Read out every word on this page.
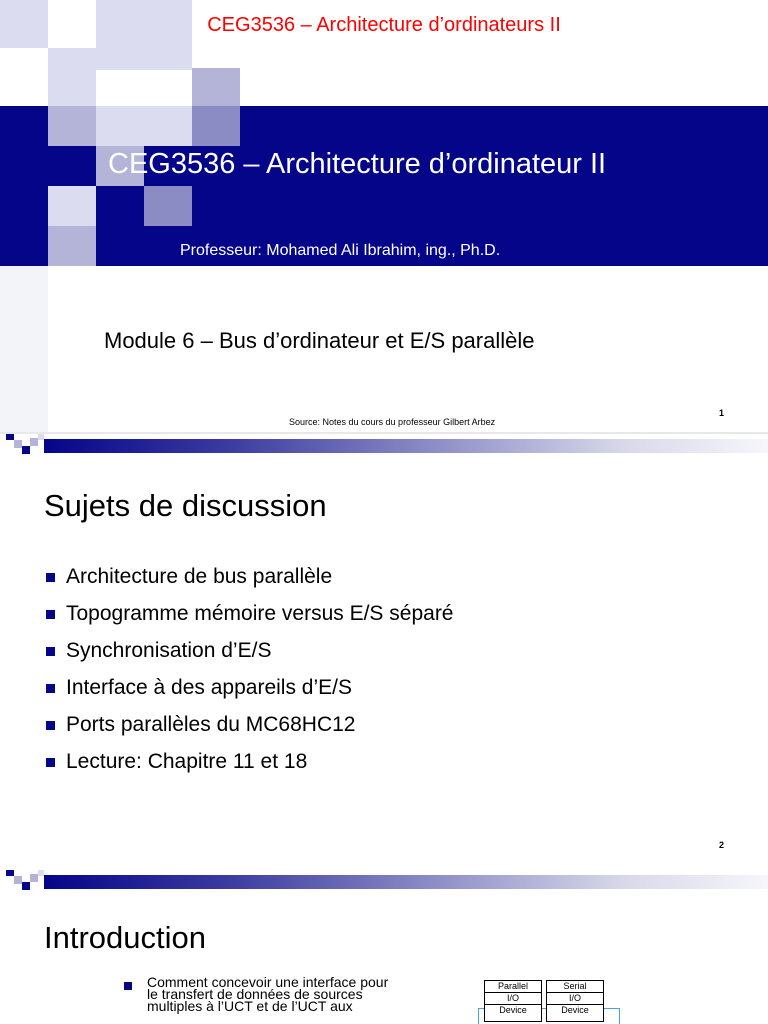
CEG3536 – Architecture d’ordinateurs II
CEG3536 – Architecture d’ordinateur II
Professeur: Mohamed Ali Ibrahim, ing., Ph.D.
Module 6 – Bus d’ordinateur et E/S parallèle
Source: Notes du cours du professeur Gilbert Arbez
1
Sujets de discussion
Architecture de bus parallèle
Topogramme mémoire versus E/S séparé
Synchronisation d’E/S
Interface à des appareils d’E/S
Ports parallèles du MC68HC12
Lecture: Chapitre 11 et 18
2
Introduction
Comment concevoir une interface pour
le transfert de données de sources
multiples à l’UCT et de l’UCT aux
Parallel
I/O
Device
Serial
I/O
Device
